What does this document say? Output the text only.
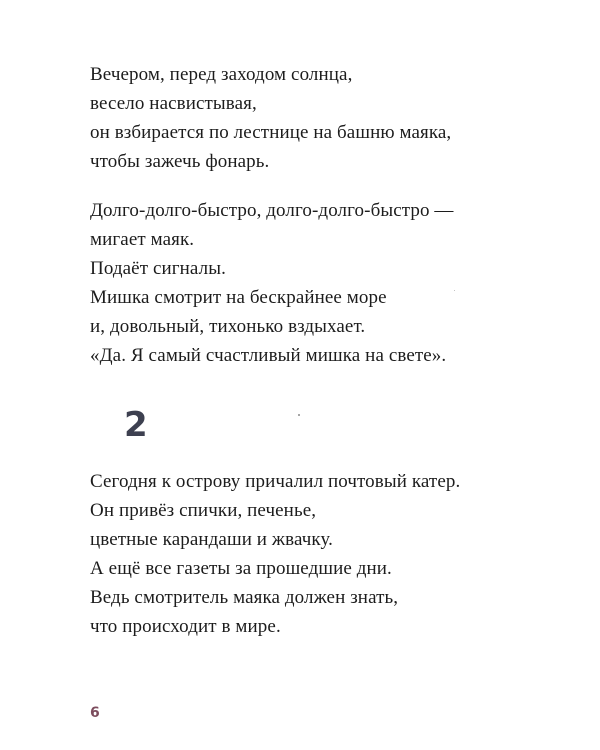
Вечером, перед заходом солнца,
весело насвистывая,
он взбирается по лестнице на башню маяка,
чтобы зажечь фонарь.
Долго-долго-быстро, долго-долго-быстро —
мигает маяк.
Подаёт сигналы.
Мишка смотрит на бескрайнее море
и, довольный, тихонько вздыхает.
«Да. Я самый счастливый мишка на свете».
2
Сегодня к острову причалил почтовый катер.
Он привёз спички, печенье,
цветные карандаши и жвачку.
А ещё все газеты за прошедшие дни.
Ведь смотритель маяка должен знать,
что происходит в мире.
6
